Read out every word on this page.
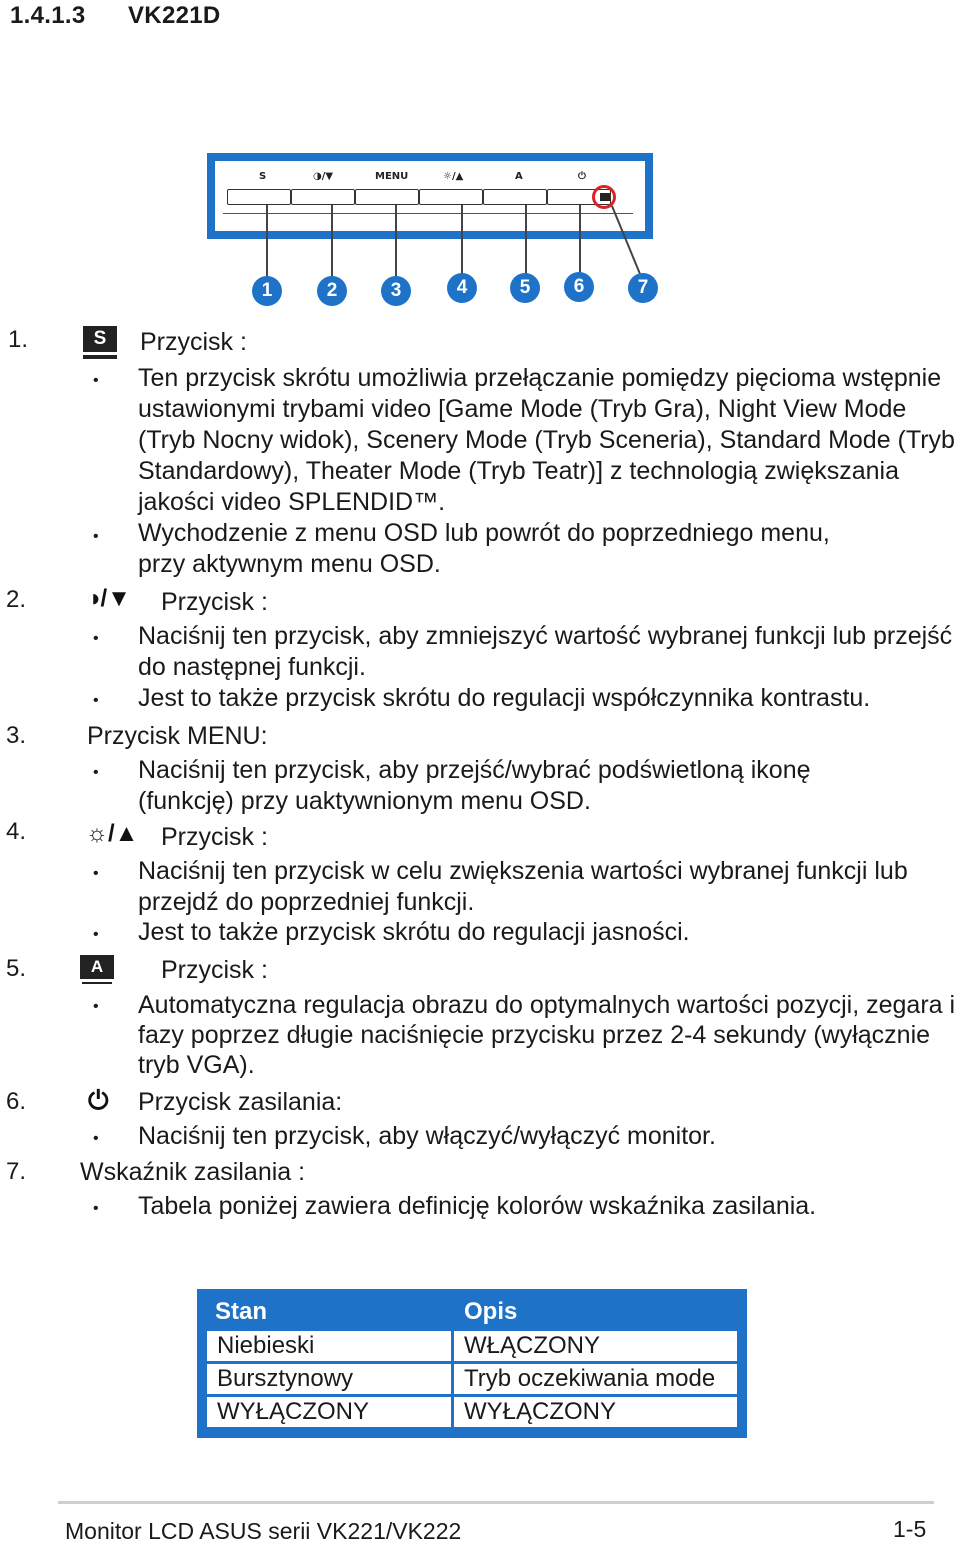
1.4.1.3 VK221D
S	◑/▼	MENU	☼/▲	A	⏻
1	2	3	4	5	6	7
1.	S	Przycisk :
• Ten przycisk skrótu umożliwia przełączanie pomiędzy pięcioma wstępnie ustawionymi trybami video [Game Mode (Tryb Gra), Night View Mode (Tryb Nocny widok), Scenery Mode (Tryb Sceneria), Standard Mode (Tryb Standardowy), Theater Mode (Tryb Teatr)] z technologią zwiększania jakości video SPLENDID™.
• Wychodzenie z menu OSD lub powrót do poprzedniego menu, przy aktywnym menu OSD.
2. ◑/▼ Przycisk :
• Naciśnij ten przycisk, aby zmniejszyć wartość wybranej funkcji lub przejść do następnej funkcji.
• Jest to także przycisk skrótu do regulacji współczynnika kontrastu.
3. Przycisk MENU:
• Naciśnij ten przycisk, aby przejść/wybrać podświetloną ikonę (funkcję) przy uaktywnionym menu OSD.
4. ☼/▲ Przycisk :
• Naciśnij ten przycisk w celu zwiększenia wartości wybranej funkcji lub przejdź do poprzedniej funkcji.
• Jest to także przycisk skrótu do regulacji jasności.
5.	A	Przycisk :
• Automatyczna regulacja obrazu do optymalnych wartości pozycji, zegara i fazy poprzez długie naciśnięcie przycisku przez 2-4 sekundy (wyłącznie tryb VGA).
6. ⏻ Przycisk zasilania:
• Naciśnij ten przycisk, aby włączyć/wyłączyć monitor.
7. Wskaźnik zasilania :
• Tabela poniżej zawiera definicję kolorów wskaźnika zasilania.
Stan	Opis
Niebieski	WŁĄCZONY
Bursztynowy	Tryb oczekiwania mode
WYŁĄCZONY	WYŁĄCZONY
Monitor LCD ASUS serii VK221/VK222	1-5
